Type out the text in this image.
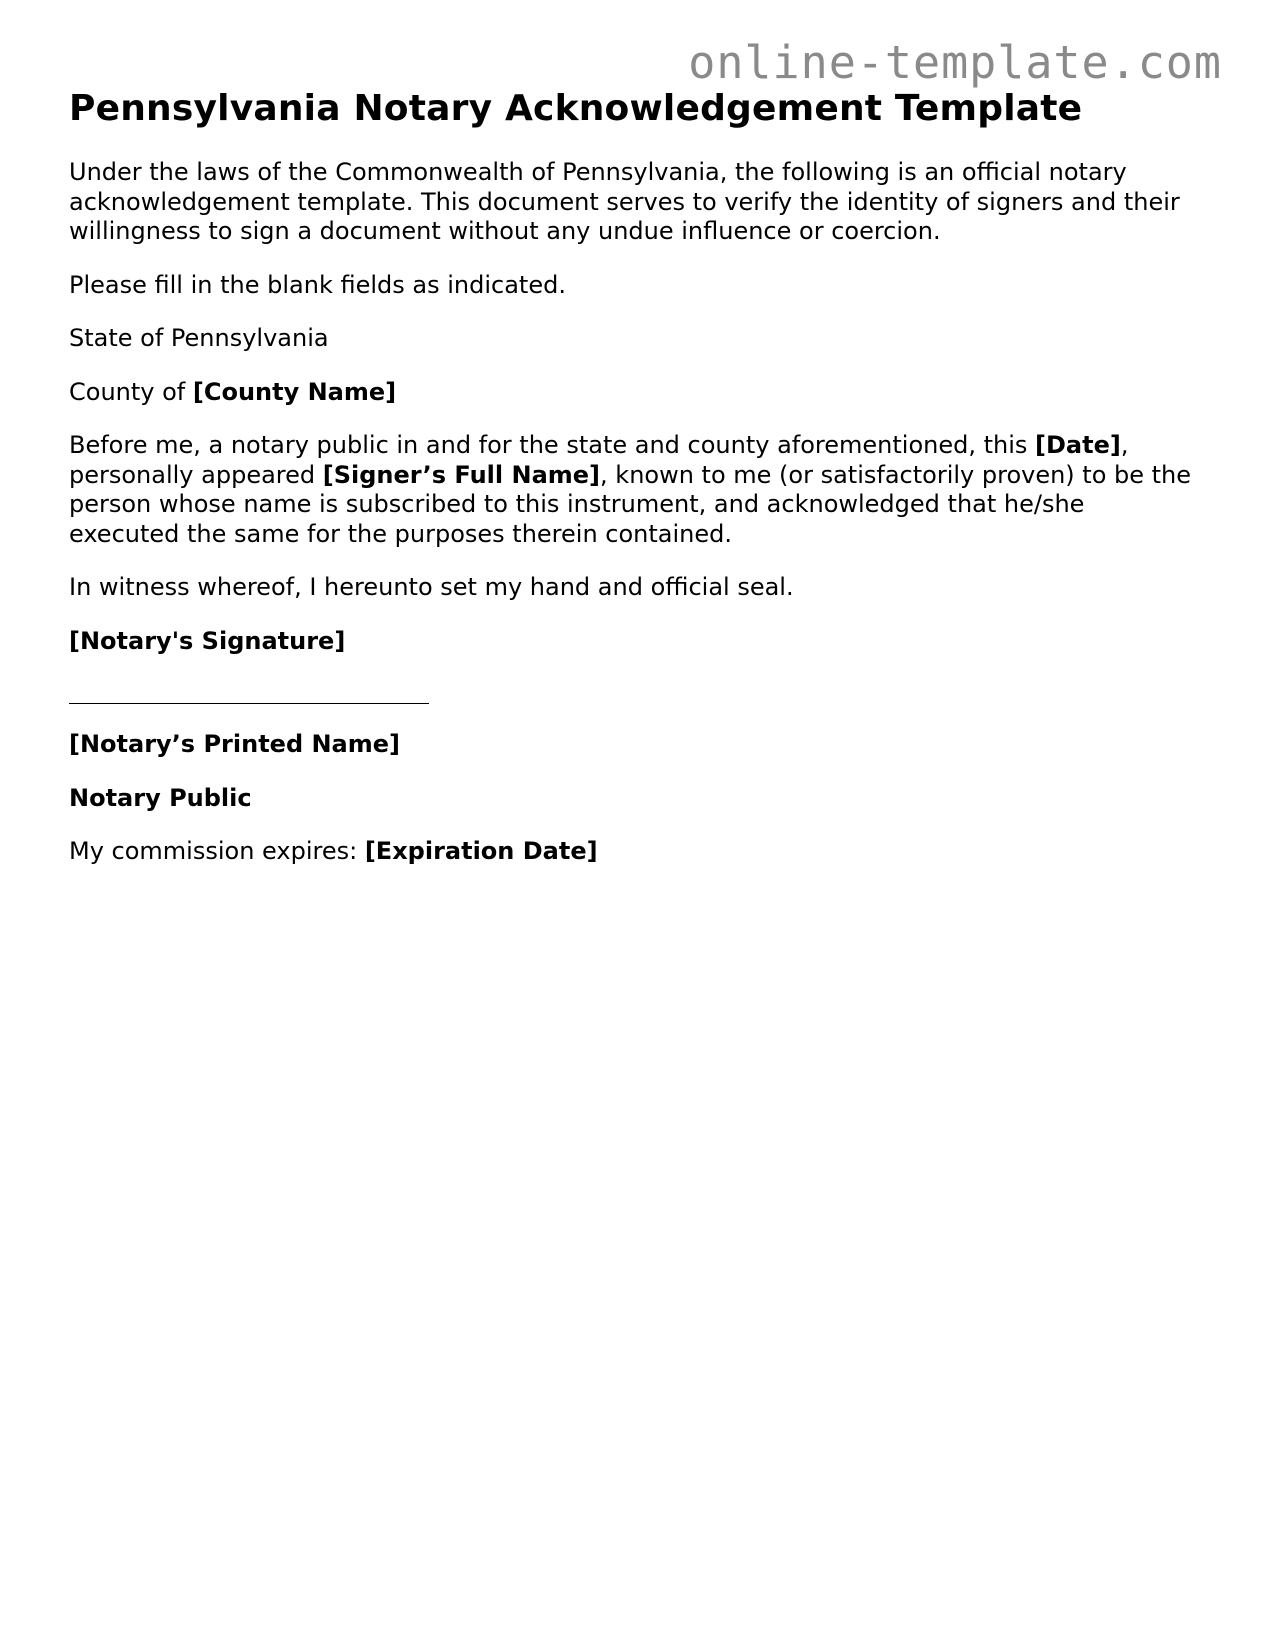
online-template.com
Pennsylvania Notary Acknowledgement Template

Under the laws of the Commonwealth of Pennsylvania, the following is an official notary acknowledgement template. This document serves to verify the identity of signers and their willingness to sign a document without any undue influence or coercion.

Please fill in the blank fields as indicated.

State of Pennsylvania

County of [County Name]

Before me, a notary public in and for the state and county aforementioned, this [Date], personally appeared [Signer’s Full Name], known to me (or satisfactorily proven) to be the person whose name is subscribed to this instrument, and acknowledged that he/she executed the same for the purposes therein contained.

In witness whereof, I hereunto set my hand and official seal.

[Notary's Signature]

[Notary’s Printed Name]

Notary Public

My commission expires: [Expiration Date]
